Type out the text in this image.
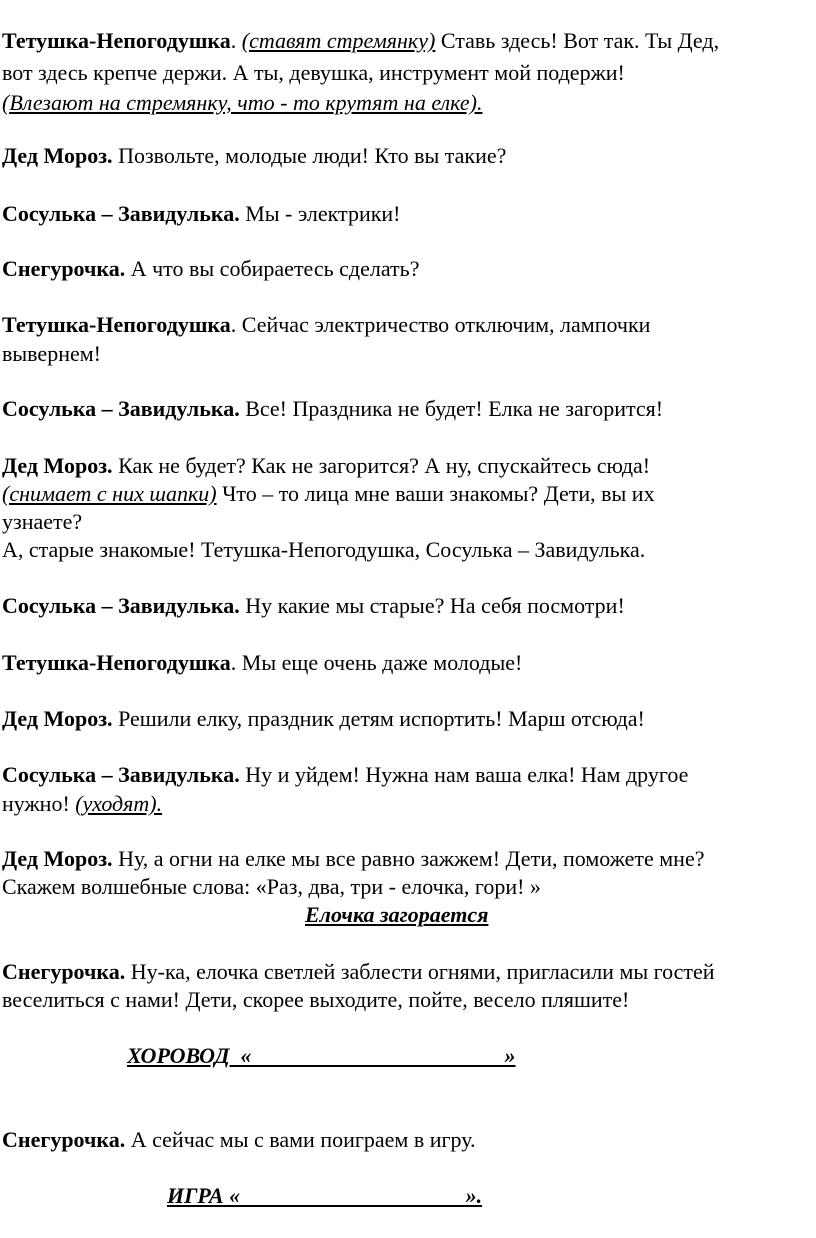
Тетушка-Непогодушка. (ставят стремянку) Ставь здесь! Вот так. Ты Дед,
вот здесь крепче держи. А ты, девушка, инструмент мой подержи!
(Влезают на стремянку, что - то крутят на елке).
Дед Мороз. Позвольте, молодые люди! Кто вы такие?
Сосулька – Завидулька. Мы - электрики!
Снегурочка. А что вы собираетесь сделать?
Тетушка-Непогодушка. Сейчас электричество отключим, лампочки
вывернем!
Сосулька – Завидулька. Все! Праздника не будет! Елка не загорится!
Дед Мороз. Как не будет? Как не загорится? А ну, спускайтесь сюда!
(снимает с них шапки) Что – то лица мне ваши знакомы? Дети, вы их
узнаете?
А, старые знакомые! Тетушка-Непогодушка, Сосулька – Завидулька.
Сосулька – Завидулька. Ну какие мы старые? На себя посмотри!
Тетушка-Непогодушка. Мы еще очень даже молодые!
Дед Мороз. Решили елку, праздник детям испортить! Марш отсюда!
Сосулька – Завидулька. Ну и уйдем! Нужна нам ваша елка! Нам другое
нужно! (уходят).
Дед Мороз. Ну, а огни на елке мы все равно зажжем! Дети, поможете мне?
Скажем волшебные слова: «Раз, два, три - елочка, гори! »
Елочка загорается
Снегурочка. Ну-ка, елочка светлей заблести огнями, пригласили мы гостей
веселиться с нами! Дети, скорее выходите, пойте, весело пляшите!
ХОРОВОД  «                                              »
Снегурочка. А сейчас мы с вами поиграем в игру.
ИГРА «                                         ».
